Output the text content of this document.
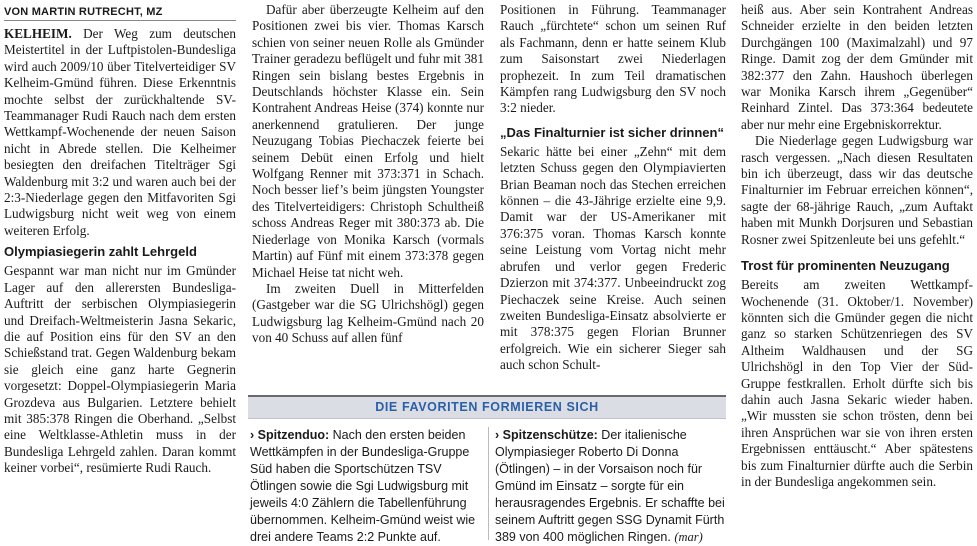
VON MARTIN RUTRECHT, MZ

KELHEIM. Der Weg zum deutschen Meistertitel in der Luftpistolen-Bundesliga wird auch 2009/10 über Titelverteidiger SV Kelheim-Gmünd führen. Diese Erkenntnis mochte selbst der zurückhaltende SV-Teammanager Rudi Rauch nach dem ersten Wettkampf-Wochenende der neuen Saison nicht in Abrede stellen. Die Kelheimer besiegten den dreifachen Titelträger Sgi Waldenburg mit 3:2 und waren auch bei der 2:3-Niederlage gegen den Mitfavoriten Sgi Ludwigsburg nicht weit weg von einem weiteren Erfolg.

Olympiasiegerin zahlt Lehrgeld

Gespannt war man nicht nur im Gmünder Lager auf den allerersten Bundesliga-Auftritt der serbischen Olympiasiegerin und Dreifach-Weltmeisterin Jasna Sekaric, die auf Position eins für den SV an den Schießstand trat. Gegen Waldenburg bekam sie gleich eine ganz harte Gegnerin vorgesetzt: Doppel-Olympiasiegerin Maria Grozdeva aus Bulgarien. Letztere behielt mit 385:378 Ringen die Oberhand. „Selbst eine Weltklasse-Athletin muss in der Bundesliga Lehrgeld zahlen. Daran kommt keiner vorbei“, resümierte Rudi Rauch.

Dafür aber überzeugte Kelheim auf den Positionen zwei bis vier. Thomas Karsch schien von seiner neuen Rolle als Gmünder Trainer geradezu beflügelt und fuhr mit 381 Ringen sein bislang bestes Ergebnis in Deutschlands höchster Klasse ein. Sein Kontrahent Andreas Heise (374) konnte nur anerkennend gratulieren. Der junge Neuzugang Tobias Piechaczek feierte bei seinem Debüt einen Erfolg und hielt Wolfgang Renner mit 373:371 in Schach. Noch besser lief’s beim jüngsten Youngster des Titelverteidigers: Christoph Schultheiß schoss Andreas Reger mit 380:373 ab. Die Niederlage von Monika Karsch (vormals Martin) auf Fünf mit einem 373:378 gegen Michael Heise tat nicht weh.

Im zweiten Duell in Mitterfelden (Gastgeber war die SG Ulrichshögl) gegen Ludwigsburg lag Kelheim-Gmünd nach 20 von 40 Schuss auf allen fünf

Positionen in Führung. Teammanager Rauch „fürchtete“ schon um seinen Ruf als Fachmann, denn er hatte seinem Klub zum Saisonstart zwei Niederlagen prophezeit. In zum Teil dramatischen Kämpfen rang Ludwigsburg den SV noch 3:2 nieder.

„Das Finalturnier ist sicher drinnen“

Sekaric hätte bei einer „Zehn“ mit dem letzten Schuss gegen den Olympiavierten Brian Beaman noch das Stechen erreichen können – die 43-Jährige erzielte eine 9,9. Damit war der US-Amerikaner mit 376:375 voran. Thomas Karsch konnte seine Leistung vom Vortag nicht mehr abrufen und verlor gegen Frederic Dzierzon mit 374:377. Unbeeindruckt zog Piechaczek seine Kreise. Auch seinen zweiten Bundesliga-Einsatz absolvierte er mit 378:375 gegen Florian Brunner erfolgreich. Wie ein sicherer Sieger sah auch schon Schult-

heiß aus. Aber sein Kontrahent Andreas Schneider erzielte in den beiden letzten Durchgängen 100 (Maximalzahl) und 97 Ringe. Damit zog der dem Gmünder mit 382:377 den Zahn. Haushoch überlegen war Monika Karsch ihrem „Gegenüber“ Reinhard Zintel. Das 373:364 bedeutete aber nur mehr eine Ergebniskorrektur.

Die Niederlage gegen Ludwigsburg war rasch vergessen. „Nach diesen Resultaten bin ich überzeugt, dass wir das deutsche Finalturnier im Februar erreichen können“, sagte der 68-jährige Rauch, „zum Auftakt haben mit Munkh Dorjsuren und Sebastian Rosner zwei Spitzenleute bei uns gefehlt.“

Trost für prominenten Neuzugang

Bereits am zweiten Wettkampf-Wochenende (31. Oktober/1. November) könnten sich die Gmünder gegen die nicht ganz so starken Schützenriegen des SV Altheim Waldhausen und der SG Ulrichshögl in den Top Vier der Süd-Gruppe festkrallen. Erholt dürfte sich bis dahin auch Jasna Sekaric wieder haben. „Wir mussten sie schon trösten, denn bei ihren Ansprüchen war sie von ihren ersten Ergebnissen enttäuscht.“ Aber spätestens bis zum Finalturnier dürfte auch die Serbin in der Bundesliga angekommen sein.

DIE FAVORITEN FORMIEREN SICH
› Spitzenduo: Nach den ersten beiden Wettkämpfen in der Bundesliga-Gruppe Süd haben die Sportschützen TSV Ötlingen sowie die Sgi Ludwigsburg mit jeweils 4:0 Zählern die Tabellenführung übernommen. Kelheim-Gmünd weist wie drei andere Teams 2:2 Punkte auf.
› Spitzenschütze: Der italienische Olympiasieger Roberto Di Donna (Ötlingen) – in der Vorsaison noch für Gmünd im Einsatz – sorgte für ein herausragendes Ergebnis. Er schaffte bei seinem Auftritt gegen SSG Dynamit Fürth 389 von 400 möglichen Ringen. (mar)
